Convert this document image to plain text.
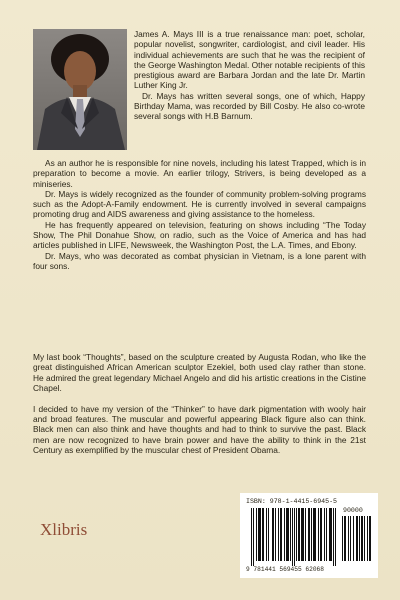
James A. Mays III is a true renaissance man: poet, scholar, popular novelist, songwriter, cardiologist, and civil leader. His individual achievements are such that he was the recipient of the George Washington Medal. Other notable recipients of this prestigious award are Barbara Jordan and the late Dr. Martin Luther King Jr.

Dr. Mays has written several songs, one of which, Happy Birthday Mama, was recorded by Bill Cosby. He also co-wrote several songs with H.B Barnum.

As an author he is responsible for nine novels, including his latest Trapped, which is in preparation to become a movie. An earlier trilogy, Strivers, is being developed as a miniseries.

Dr. Mays is widely recognized as the founder of community problem-solving programs such as the Adopt-A-Family endowment. He is currently involved in several campaigns promoting drug and AIDS awareness and giving assistance to the homeless.

He has frequently appeared on television, featuring on shows including “The Today Show, The Phil Donahue Show, on radio, such as the Voice of America and has had articles published in LIFE, Newsweek, the Washington Post, the L.A. Times, and Ebony.

Dr. Mays, who was decorated as combat physician in Vietnam, is a lone parent with four sons.

My last book “Thoughts”, based on the sculpture created by Augusta Rodan, who like the great distinguished African American sculptor Ezekiel, both used clay rather than stone. He admired the great legendary Michael Angelo and did his artistic creations in the Cistine Chapel.

I decided to have my version of the “Thinker” to have dark pigmentation with wooly hair and broad features. The muscular and powerful appearing Black figure also can think. Black men can also think and have thoughts and had to think to survive the past. Black men are now recognized to have brain power and have the ability to think in the 21st Century as exemplified by the muscular chest of President Obama.

Xlibris
ISBN: 978-1-4415-6945-5
90000
9 781441 569455 62068
